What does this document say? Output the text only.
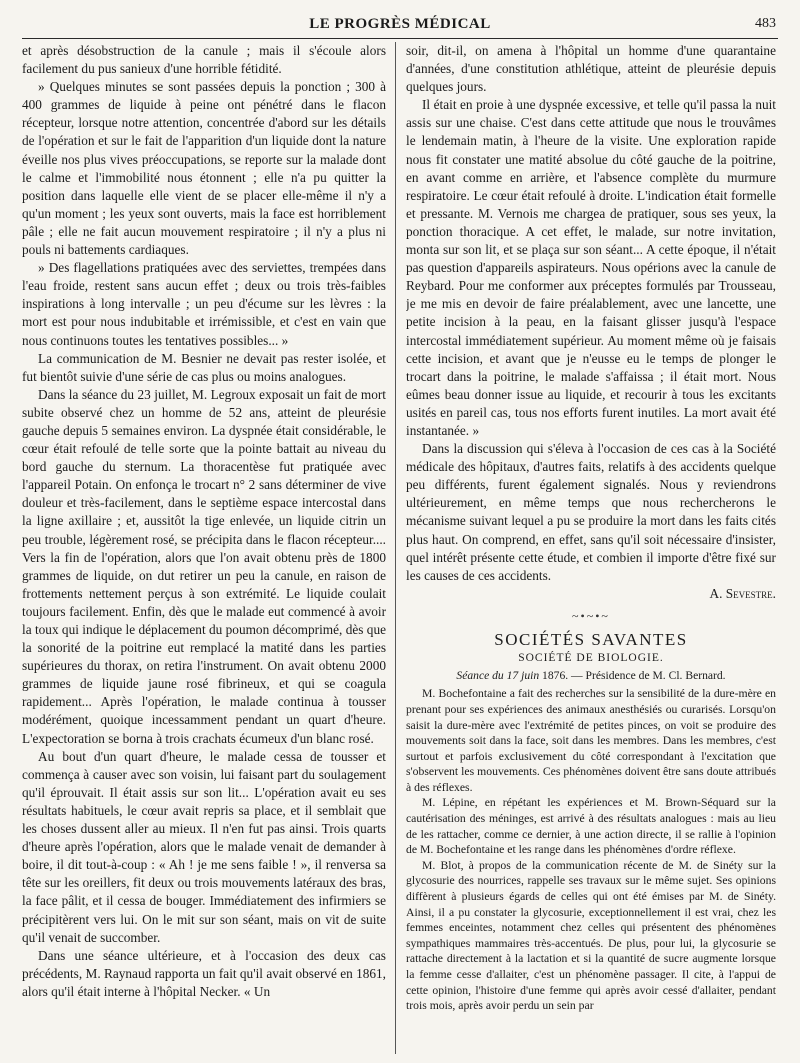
LE PROGRÈS MÉDICAL	483

et après désobstruction de la canule ; mais il s'écoule alors facilement du pus sanieux d'une horrible fétidité.

» Quelques minutes se sont passées depuis la ponction ; 300 à 400 grammes de liquide à peine ont pénétré dans le flacon récepteur, lorsque notre attention, concentrée d'abord sur les détails de l'opération et sur le fait de l'apparition d'un liquide dont la nature éveille nos plus vives préoccupations, se reporte sur la malade dont le calme et l'immobilité nous étonnent ; elle n'a pu quitter la position dans laquelle elle vient de se placer elle-même il n'y a qu'un moment ; les yeux sont ouverts, mais la face est horriblement pâle ; elle ne fait aucun mouvement respiratoire ; il n'y a plus ni pouls ni battements cardiaques.

» Des flagellations pratiquées avec des serviettes, trempées dans l'eau froide, restent sans aucun effet ; deux ou trois très-faibles inspirations à long intervalle ; un peu d'écume sur les lèvres : la mort est pour nous indubitable et irrémissible, et c'est en vain que nous continuons toutes les tentatives possibles... »

La communication de M. Besnier ne devait pas rester isolée, et fut bientôt suivie d'une série de cas plus ou moins analogues.

Dans la séance du 23 juillet, M. Legroux exposait un fait de mort subite observé chez un homme de 52 ans, atteint de pleurésie gauche depuis 5 semaines environ. La dyspnée était considérable, le cœur était refoulé de telle sorte que la pointe battait au niveau du bord gauche du sternum. La thoracentèse fut pratiquée avec l'appareil Potain. On enfonça le trocart n° 2 sans déterminer de vive douleur et très-facilement, dans le septième espace intercostal dans la ligne axillaire ; et, aussitôt la tige enlevée, un liquide citrin un peu trouble, légèrement rosé, se précipita dans le flacon récepteur.... Vers la fin de l'opération, alors que l'on avait obtenu près de 1800 grammes de liquide, on dut retirer un peu la canule, en raison de frottements nettement perçus à son extrémité. Le liquide coulait toujours facilement. Enfin, dès que le malade eut commencé à avoir la toux qui indique le déplacement du poumon décomprimé, dès que la sonorité de la poitrine eut remplacé la matité dans les parties supérieures du thorax, on retira l'instrument. On avait obtenu 2000 grammes de liquide jaune rosé fibrineux, et qui se coagula rapidement... Après l'opération, le malade continua à tousser modérément, quoique incessamment pendant un quart d'heure. L'expectoration se borna à trois crachats écumeux d'un blanc rosé.

Au bout d'un quart d'heure, le malade cessa de tousser et commença à causer avec son voisin, lui faisant part du soulagement qu'il éprouvait. Il était assis sur son lit... L'opération avait eu ses résultats habituels, le cœur avait repris sa place, et il semblait que les choses dussent aller au mieux. Il n'en fut pas ainsi. Trois quarts d'heure après l'opération, alors que le malade venait de demander à boire, il dit tout-à-coup : « Ah ! je me sens faible ! », il renversa sa tête sur les oreillers, fit deux ou trois mouvements latéraux des bras, la face pâlit, et il cessa de bouger. Immédiatement des infirmiers se précipitèrent vers lui. On le mit sur son séant, mais on vit de suite qu'il venait de succomber.

Dans une séance ultérieure, et à l'occasion des deux cas précédents, M. Raynaud rapporta un fait qu'il avait observé en 1861, alors qu'il était interne à l'hôpital Necker. « Un

soir, dit-il, on amena à l'hôpital un homme d'une quarantaine d'années, d'une constitution athlétique, atteint de pleurésie depuis quelques jours.

Il était en proie à une dyspnée excessive, et telle qu'il passa la nuit assis sur une chaise. C'est dans cette attitude que nous le trouvâmes le lendemain matin, à l'heure de la visite. Une exploration rapide nous fit constater une matité absolue du côté gauche de la poitrine, en avant comme en arrière, et l'absence complète du murmure respiratoire. Le cœur était refoulé à droite. L'indication était formelle et pressante. M. Vernois me chargea de pratiquer, sous ses yeux, la ponction thoracique. A cet effet, le malade, sur notre invitation, monta sur son lit, et se plaça sur son séant... A cette époque, il n'était pas question d'appareils aspirateurs. Nous opérions avec la canule de Reybard. Pour me conformer aux préceptes formulés par Trousseau, je me mis en devoir de faire préalablement, avec une lancette, une petite incision à la peau, en la faisant glisser jusqu'à l'espace intercostal immédiatement supérieur. Au moment même où je faisais cette incision, et avant que je n'eusse eu le temps de plonger le trocart dans la poitrine, le malade s'affaissa ; il était mort. Nous eûmes beau donner issue au liquide, et recourir à tous les excitants usités en pareil cas, tous nos efforts furent inutiles. La mort avait été instantanée. »

Dans la discussion qui s'éleva à l'occasion de ces cas à la Société médicale des hôpitaux, d'autres faits, relatifs à des accidents quelque peu différents, furent également signalés. Nous y reviendrons ultérieurement, en même temps que nous rechercherons le mécanisme suivant lequel a pu se produire la mort dans les faits cités plus haut. On comprend, en effet, sans qu'il soit nécessaire d'insister, quel intérêt présente cette étude, et combien il importe d'être fixé sur les causes de ces accidents.

A. Sevestre.

~•~•~
SOCIÉTÉS SAVANTES
SOCIÉTÉ DE BIOLOGIE.
Séance du 17 juin 1876. — Présidence de M. Cl. Bernard.

M. Bochefontaine a fait des recherches sur la sensibilité de la dure-mère en prenant pour ses expériences des animaux anesthésiés ou curarisés. Lorsqu'on saisit la dure-mère avec l'extrémité de petites pinces, on voit se produire des mouvements soit dans la face, soit dans les membres. Dans les membres, c'est surtout et parfois exclusivement du côté correspondant à l'excitation que s'observent les mouvements. Ces phénomènes doivent être sans doute attribués à des réflexes.

M. Lépine, en répétant les expériences et M. Brown-Séquard sur la cautérisation des méninges, est arrivé à des résultats analogues : mais au lieu de les rattacher, comme ce dernier, à une action directe, il se rallie à l'opinion de M. Bochefontaine et les range dans les phénomènes d'ordre réflexe.

M. Blot, à propos de la communication récente de M. de Sinéty sur la glycosurie des nourrices, rappelle ses travaux sur le même sujet. Ses opinions diffèrent à plusieurs égards de celles qui ont été émises par M. de Sinéty. Ainsi, il a pu constater la glycosurie, exceptionnellement il est vrai, chez les femmes enceintes, notamment chez celles qui présentent des phénomènes sympathiques mammaires très-accentués. De plus, pour lui, la glycosurie se rattache directement à la lactation et si la quantité de sucre augmente lorsque la femme cesse d'allaiter, c'est un phénomène passager. Il cite, à l'appui de cette opinion, l'histoire d'une femme qui après avoir cessé d'allaiter, pendant trois mois, après avoir perdu un sein par
